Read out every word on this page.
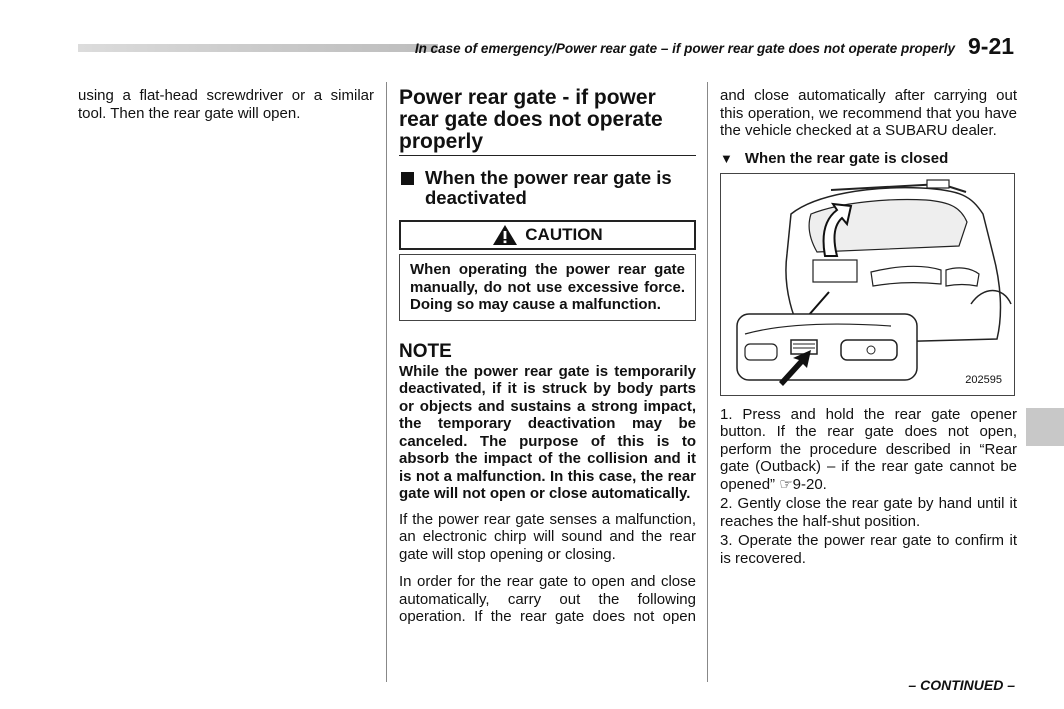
In case of emergency/Power rear gate – if power rear gate does not operate properly 9-21

using a flat-head screwdriver or a similar tool. Then the rear gate will open.

Power rear gate - if power rear gate does not operate properly
When the power rear gate is deactivated
CAUTION
When operating the power rear gate manually, do not use excessive force. Doing so may cause a malfunction.
NOTE

While the power rear gate is temporarily deactivated, if it is struck by body parts or objects and sustains a strong impact, the temporary deactivation may be canceled. The purpose of this is to absorb the impact of the collision and it is not a malfunction. In this case, the rear gate will not open or close automatically.

If the power rear gate senses a malfunction, an electronic chirp will sound and the rear gate will stop opening or closing.

In order for the rear gate to open and close automatically, carry out the following operation. If the rear gate does not open

and close automatically after carrying out this operation, we recommend that you have the vehicle checked at a SUBARU dealer.

▼ When the rear gate is closed
202595

1. Press and hold the rear gate opener button. If the rear gate does not open, perform the procedure described in “Rear gate (Outback) – if the rear gate cannot be opened” ☞9-20.

2. Gently close the rear gate by hand until it reaches the half-shut position.

3. Operate the power rear gate to confirm it is recovered.

– CONTINUED –
